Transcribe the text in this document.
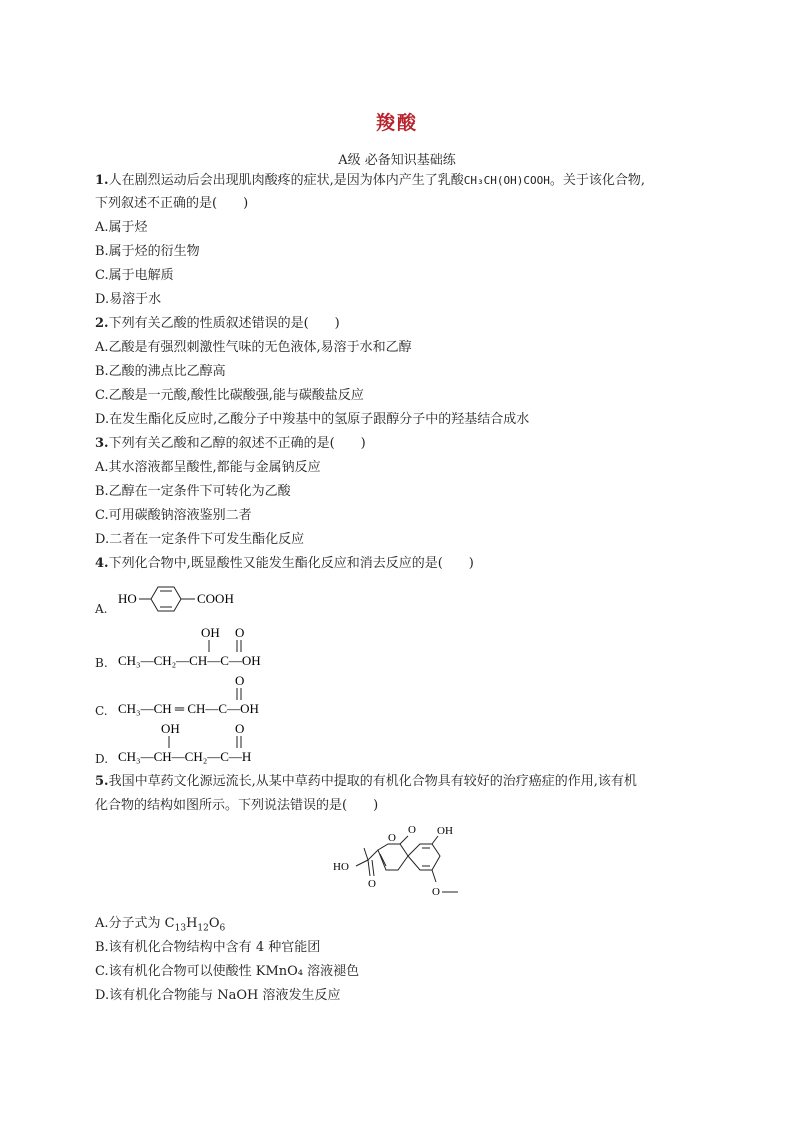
羧酸
A级 必备知识基础练
1.人在剧烈运动后会出现肌肉酸疼的症状,是因为体内产生了乳酸CH₃CH(OH)COOH。关于该化合物,
下列叙述不正确的是(　　)
A.属于烃
B.属于烃的衍生物
C.属于电解质
D.易溶于水
2.下列有关乙酸的性质叙述错误的是(　　)
A.乙酸是有强烈刺激性气味的无色液体,易溶于水和乙醇
B.乙酸的沸点比乙醇高
C.乙酸是一元酸,酸性比碳酸强,能与碳酸盐反应
D.在发生酯化反应时,乙酸分子中羧基中的氢原子跟醇分子中的羟基结合成水
3.下列有关乙酸和乙醇的叙述不正确的是(　　)
A.其水溶液都呈酸性,都能与金属钠反应
B.乙醇在一定条件下可转化为乙酸
C.可用碳酸钠溶液鉴别二者
D.二者在一定条件下可发生酯化反应
4.下列化合物中,既显酸性又能发生酯化反应和消去反应的是(　　)
A.
HO	COOH
B.
OH O
CH₃—CH₂—CH—C—OH
C.
O
CH₃—CH ═ CH—C—OH
D.
OH	O
CH₃—CH—CH₂—C—H
5.我国中草药文化源远流长,从某中草药中提取的有机化合物具有较好的治疗癌症的作用,该有机
化合物的结构如图所示。下列说法错误的是(　　)
O
O OH
O
HO
O
A.分子式为 $C_{13}H_{12}O_6$
B.该有机化合物结构中含有 4 种官能团
C.该有机化合物可以使酸性 KMnO₄ 溶液褪色
D.该有机化合物能与 NaOH 溶液发生反应
